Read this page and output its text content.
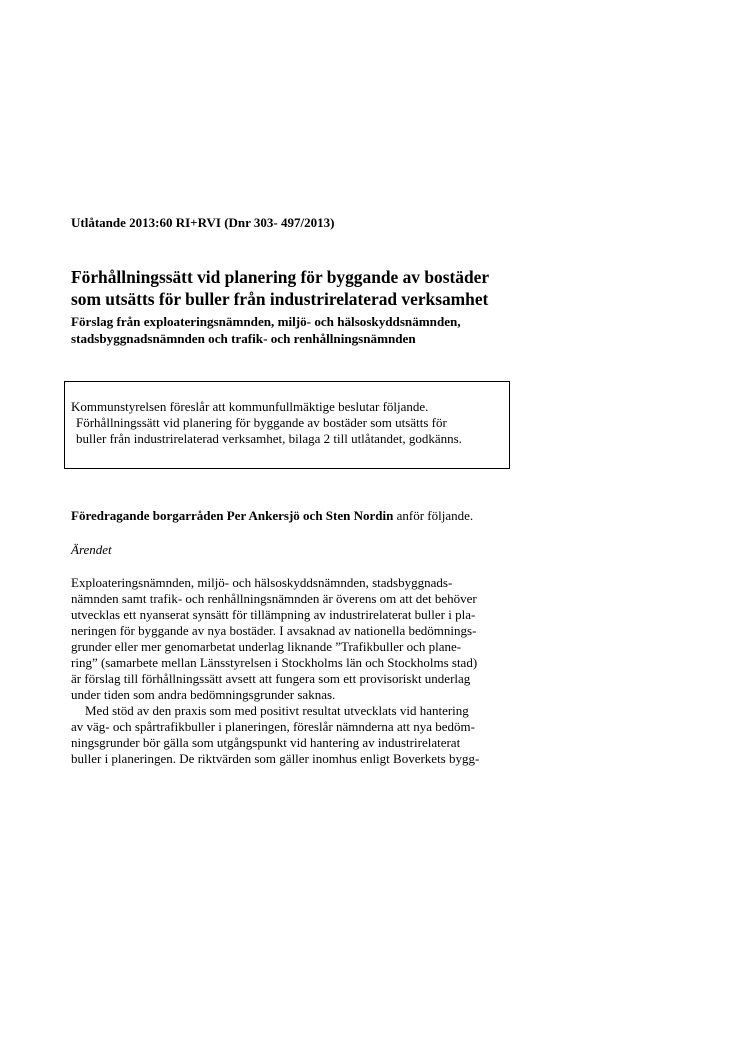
Utlåtande 2013:60 RI+RVI (Dnr 303- 497/2013)
Förhållningssätt vid planering för byggande av bostäder
som utsätts för buller från industrirelaterad verksamhet
Förslag från exploateringsnämnden, miljö- och hälsoskyddsnämnden,
stadsbyggnadsnämnden och trafik- och renhållningsnämnden
Kommunstyrelsen föreslår att kommunfullmäktige beslutar följande.
Förhållningssätt vid planering för byggande av bostäder som utsätts för
buller från industrirelaterad verksamhet, bilaga 2 till utlåtandet, godkänns.
Föredragande borgarråden Per Ankersjö och Sten Nordin anför följande.
Ärendet
Exploateringsnämnden, miljö- och hälsoskyddsnämnden, stadsbyggnads-
nämnden samt trafik- och renhållningsnämnden är överens om att det behöver
utvecklas ett nyanserat synsätt för tillämpning av industrirelaterat buller i pla-
neringen för byggande av nya bostäder. I avsaknad av nationella bedömnings-
grunder eller mer genomarbetat underlag liknande ”Trafikbuller och plane-
ring” (samarbete mellan Länsstyrelsen i Stockholms län och Stockholms stad)
är förslag till förhållningssätt avsett att fungera som ett provisoriskt underlag
under tiden som andra bedömningsgrunder saknas.
Med stöd av den praxis som med positivt resultat utvecklats vid hantering
av väg- och spårtrafikbuller i planeringen, föreslår nämnderna att nya bedöm-
ningsgrunder bör gälla som utgångspunkt vid hantering av industrirelaterat
buller i planeringen. De riktvärden som gäller inomhus enligt Boverkets bygg-
